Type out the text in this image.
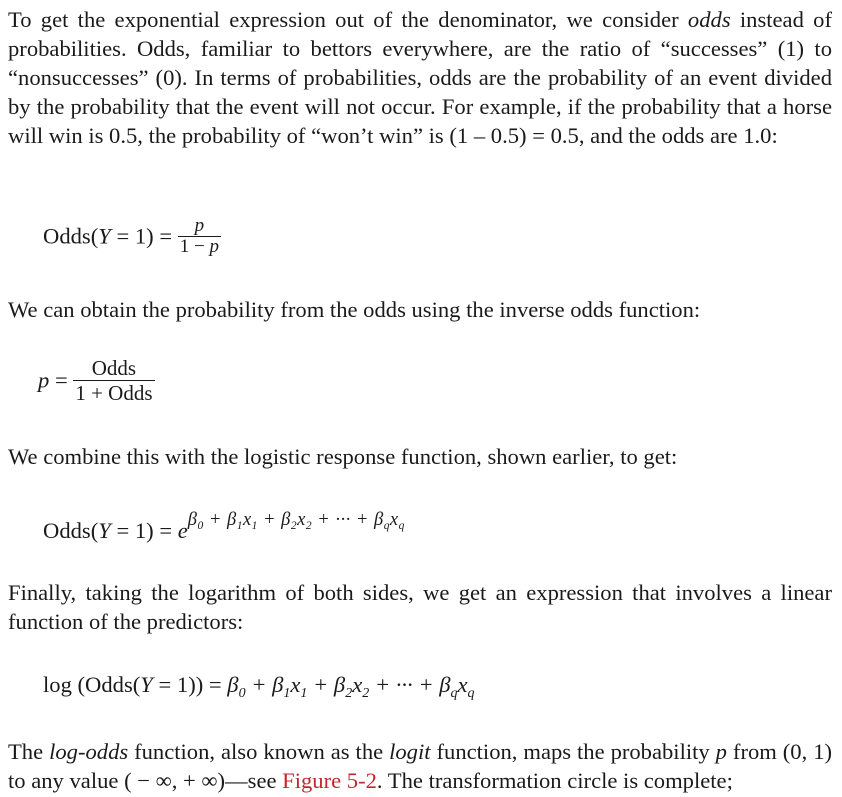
To get the exponential expression out of the denominator, we consider odds instead of probabilities. Odds, familiar to bettors everywhere, are the ratio of “successes” (1) to “nonsuccesses” (0). In terms of probabilities, odds are the probability of an event divided by the probability that the event will not occur. For example, if the probability that a horse will win is 0.5, the probability of “won’t win” is (1 – 0.5) = 0.5, and the odds are 1.0:

Odds(Y = $1) = \frac{p}{1 - p}$

We can obtain the probability from the odds using the inverse odds function:

$p = \frac{\text{Odds}}{\text{1 + Odds}}$

We combine this with the logistic response function, shown earlier, to get:

Odds(Y = $1) = e^{\beta_0 + \beta_1x_1 + \beta_2x_2 + \cdot\cdot\cdot + \beta_qx_q}$

Finally, taking the logarithm of both sides, we get an expression that involves a linear function of the predictors:

log (Odds(Y = $1)) = \beta_0 + \beta_1x_1 + \beta_2x_2$ + ··· + $\beta_qx_q$

The log-odds function, also known as the logit function, maps the probability p from (0, 1) to any value ( − ∞, + ∞)—see Figure 5-2. The transformation circle is complete;
